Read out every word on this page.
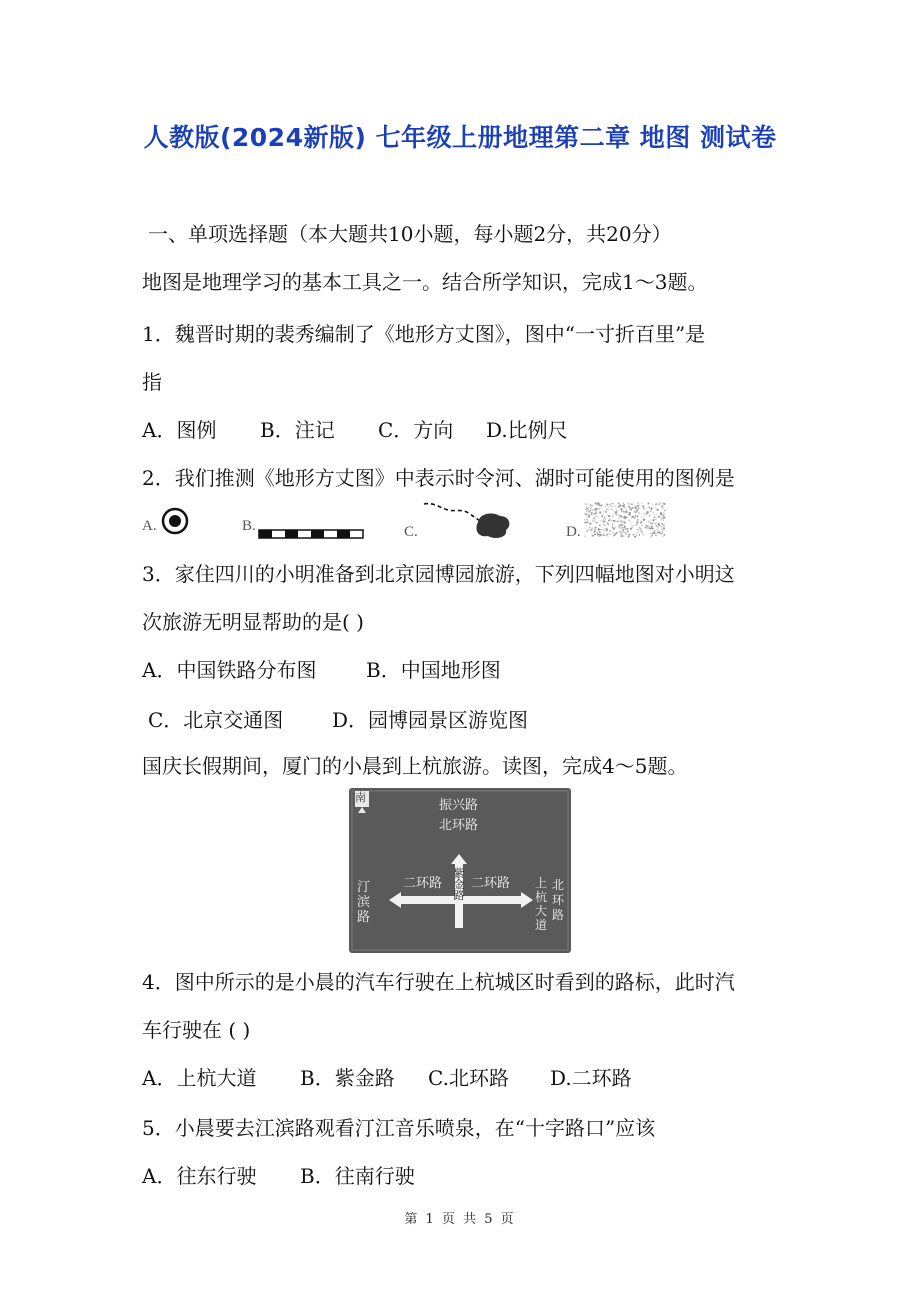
人教版(2024新版) 七年级上册地理第二章 地图 测试卷
一、单项选择题（本大题共10小题，每小题2分，共20分）
地图是地理学习的基本工具之一。结合所学知识，完成1～3题。
1．魏晋时期的裴秀编制了《地形方丈图》，图中“一寸折百里”是
指
A．图例 B．注记 C．方向 D.比例尺
2．我们推测《地形方丈图》中表示时令河、湖时可能使用的图例是
A.	B.	C.	D.
3．家住四川的小明准备到北京园博园旅游，下列四幅地图对小明这
次旅游无明显帮助的是( )
A．中国铁路分布图 B．中国地形图
C．北京交通图 D．园博园景区游览图
国庆长假期间，厦门的小晨到上杭旅游。读图，完成4～5题。
南
振兴路
北环路
二环路 二环路
紫金路
汀滨路
上杭大道
北环路
4．图中所示的是小晨的汽车行驶在上杭城区时看到的路标，此时汽
车行驶在 ( )
A．上杭大道 B．紫金路 C.北环路 D.二环路
5．小晨要去江滨路观看汀江音乐喷泉，在“十字路口”应该
A．往东行驶 B．往南行驶
第 1 页 共 5 页
